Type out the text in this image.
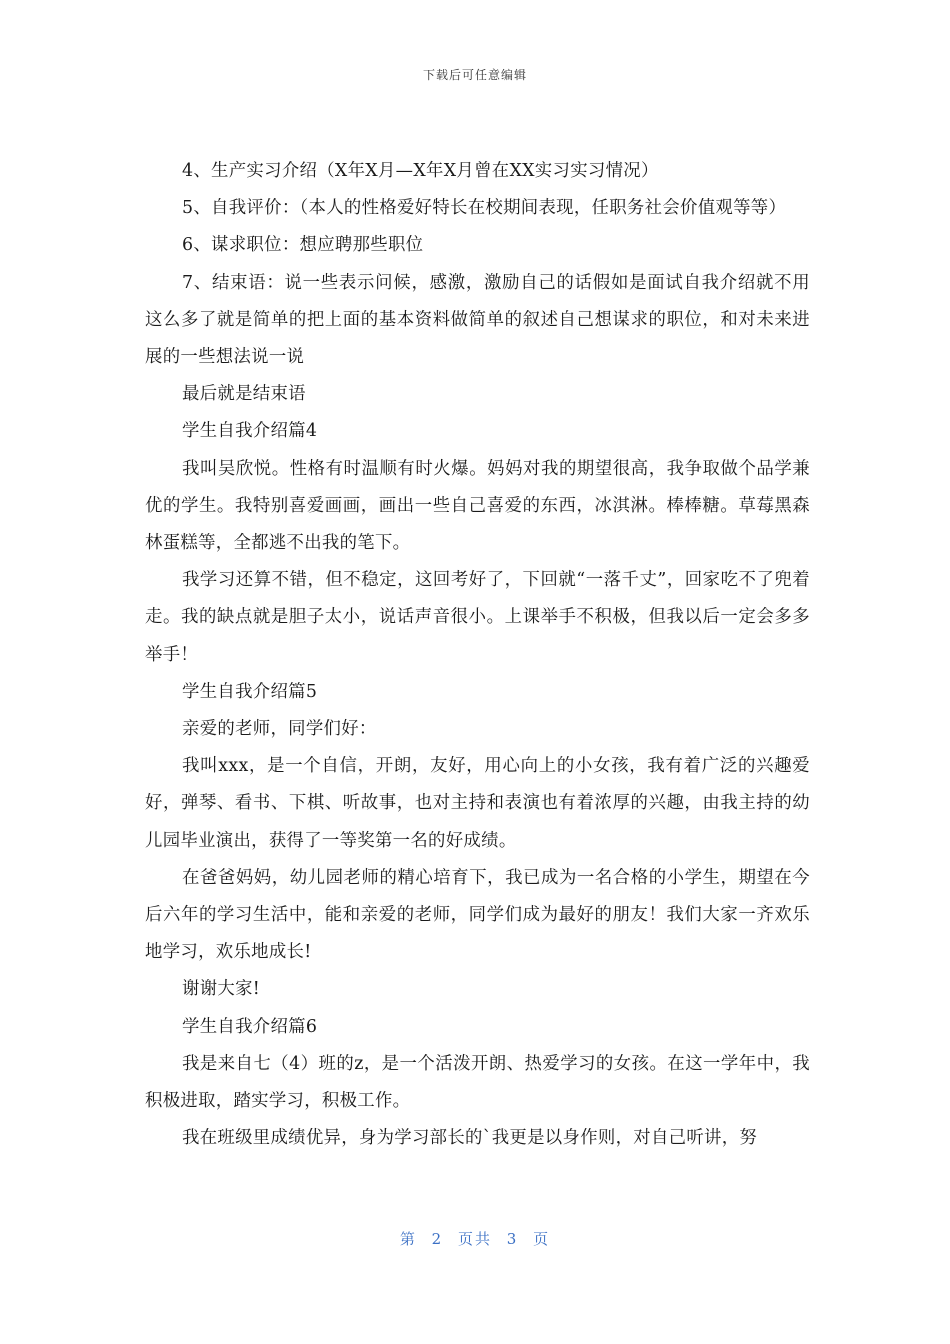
下载后可任意编辑

4、生产实习介绍（X年X月—X年X月曾在XX实习实习情况）

5、自我评价：（本人的性格爱好特长在校期间表现，任职务社会价值观等等）

6、谋求职位：想应聘那些职位

7、结束语：说一些表示问候，感激，激励自己的话假如是面试自我介绍就不用这么多了就是简单的把上面的基本资料做简单的叙述自己想谋求的职位，和对未来进展的一些想法说一说

最后就是结束语

学生自我介绍篇4

我叫吴欣悦。性格有时温顺有时火爆。妈妈对我的期望很高，我争取做个品学兼优的学生。我特别喜爱画画，画出一些自己喜爱的东西，冰淇淋。棒棒糖。草莓黑森林蛋糕等，全都逃不出我的笔下。

我学习还算不错，但不稳定，这回考好了，下回就“一落千丈”，回家吃不了兜着走。我的缺点就是胆子太小，说话声音很小。上课举手不积极，但我以后一定会多多举手！

学生自我介绍篇5

亲爱的老师，同学们好：

我叫xxx，是一个自信，开朗，友好，用心向上的小女孩，我有着广泛的兴趣爱好，弹琴、看书、下棋、听故事，也对主持和表演也有着浓厚的兴趣，由我主持的幼儿园毕业演出，获得了一等奖第一名的好成绩。

在爸爸妈妈，幼儿园老师的精心培育下，我已成为一名合格的小学生，期望在今后六年的学习生活中，能和亲爱的老师，同学们成为最好的朋友！我们大家一齐欢乐地学习，欢乐地成长!

谢谢大家!

学生自我介绍篇6

我是来自七（4）班的z，是一个活泼开朗、热爱学习的女孩。在这一学年中，我积极进取，踏实学习，积极工作。

我在班级里成绩优异，身为学习部长的`我更是以身作则，对自己听讲，努

第 2 页共 3 页
